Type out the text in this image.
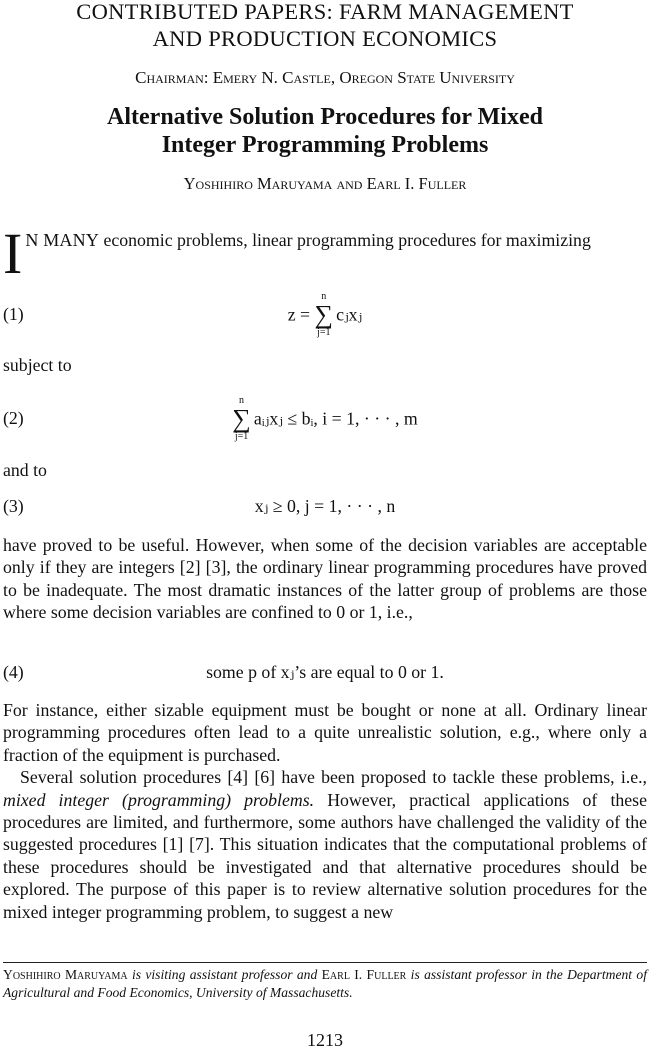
CONTRIBUTED PAPERS: FARM MANAGEMENT
AND PRODUCTION ECONOMICS
Chairman: Emery N. Castle, Oregon State University
Alternative Solution Procedures for Mixed
Integer Programming Problems
Yoshihiro Maruyama and Earl I. Fuller
I N MANY economic problems, linear programming procedures for maximizing
(1)	z =
n
∑
j=1
cⱼxⱼ
subject to
(2)
n
∑
j=1
aᵢⱼxⱼ ≤ bᵢ, i = 1, · · · , m
and to
(3)	xⱼ ≥ 0, j = 1, · · · , n
have proved to be useful. However, when some of the decision variables are acceptable only if they are integers [2] [3], the ordinary linear programming procedures have proved to be inadequate. The most dramatic instances of the latter group of problems are those where some decision variables are confined to 0 or 1, i.e.,
(4)	some p of xⱼ’s are equal to 0 or 1.
For instance, either sizable equipment must be bought or none at all. Ordinary linear programming procedures often lead to a quite unrealistic solution, e.g., where only a fraction of the equipment is purchased.
Several solution procedures [4] [6] have been proposed to tackle these problems, i.e., mixed integer (programming) problems. However, practical applications of these procedures are limited, and furthermore, some authors have challenged the validity of the suggested procedures [1] [7]. This situation indicates that the computational problems of these procedures should be investigated and that alternative procedures should be explored. The purpose of this paper is to review alternative solution procedures for the mixed integer programming problem, to suggest a new
Yoshihiro Maruyama is visiting assistant professor and Earl I. Fuller is assistant professor in the Department of Agricultural and Food Economics, University of Massachusetts.
1213
